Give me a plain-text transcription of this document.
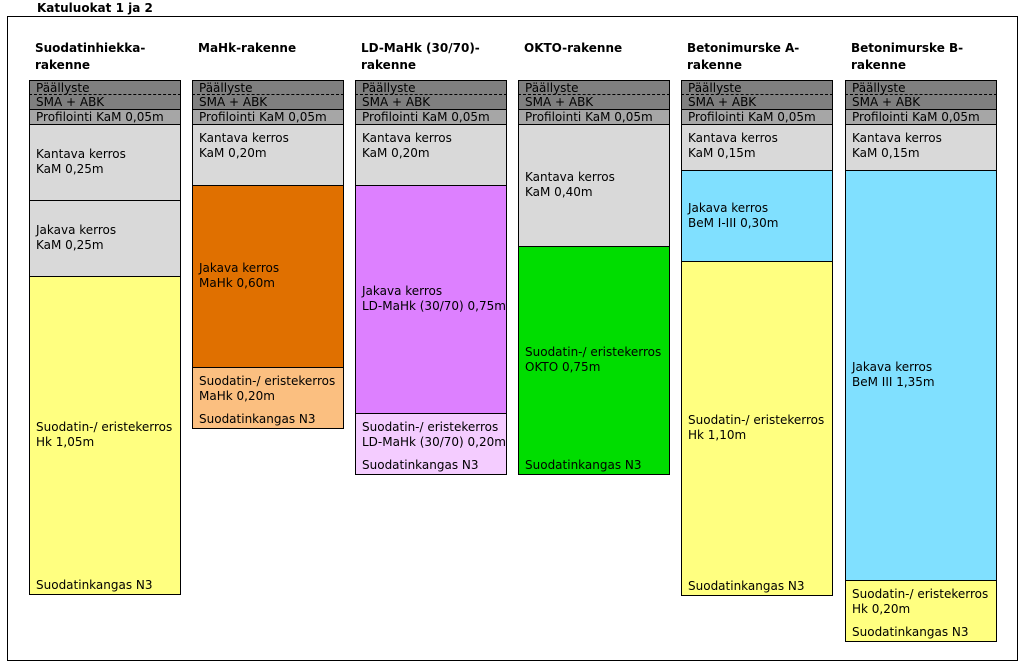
Katuluokat 1 ja 2
Suodatinhiekka-
rakenne
Päällyste
SMA + ABK
Profilointi KaM 0,05m
Kantava kerros
KaM 0,25m
Jakava kerros
KaM 0,25m
Suodatin-/ eristekerros
Hk 1,05m
Suodatinkangas N3
MaHk-rakenne
Päällyste
SMA + ABK
Profilointi KaM 0,05m
Kantava kerros
KaM 0,20m
Jakava kerros
MaHk 0,60m
Suodatin-/ eristekerros
MaHk 0,20m
Suodatinkangas N3
LD-MaHk (30/70)-
rakenne
Päällyste
SMA + ABK
Profilointi KaM 0,05m
Kantava kerros
KaM 0,20m
Jakava kerros
LD-MaHk (30/70) 0,75m
Suodatin-/ eristekerros
LD-MaHk (30/70) 0,20m
Suodatinkangas N3
OKTO-rakenne
Päällyste
SMA + ABK
Profilointi KaM 0,05m
Kantava kerros
KaM 0,40m
Suodatin-/ eristekerros
OKTO 0,75m
Suodatinkangas N3
Betonimurske A-
rakenne
Päällyste
SMA + ABK
Profilointi KaM 0,05m
Kantava kerros
KaM 0,15m
Jakava kerros
BeM I-III 0,30m
Suodatin-/ eristekerros
Hk 1,10m
Suodatinkangas N3
Betonimurske B-
rakenne
Päällyste
SMA + ABK
Profilointi KaM 0,05m
Kantava kerros
KaM 0,15m
Jakava kerros
BeM III 1,35m
Suodatin-/ eristekerros
Hk 0,20m
Suodatinkangas N3
